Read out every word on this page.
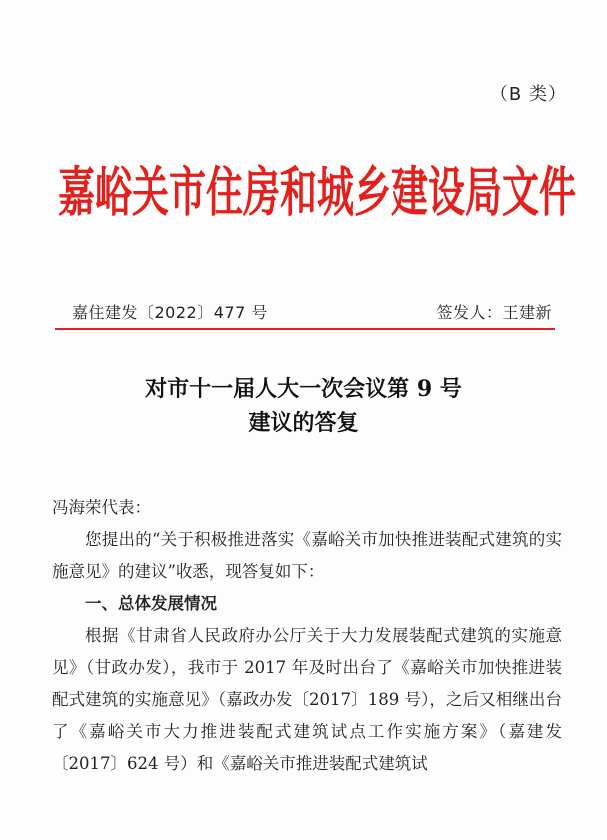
（B 类）
嘉峪关市住房和城乡建设局文件
嘉住建发〔2022〕477 号	签发人：王建新
对市十一届人大一次会议第 9 号
建议的答复

冯海荣代表：

您提出的“关于积极推进落实《嘉峪关市加快推进装配式建筑的实施意见》的建议”收悉，现答复如下：

一、总体发展情况

根据《甘肃省人民政府办公厅关于大力发展装配式建筑的实施意见》（甘政办发），我市于 2017 年及时出台了《嘉峪关市加快推进装配式建筑的实施意见》（嘉政办发〔2017〕189 号），之后又相继出台了《嘉峪关市大力推进装配式建筑试点工作实施方案》（嘉建发〔2017〕624 号）和《嘉峪关市推进装配式建筑试
